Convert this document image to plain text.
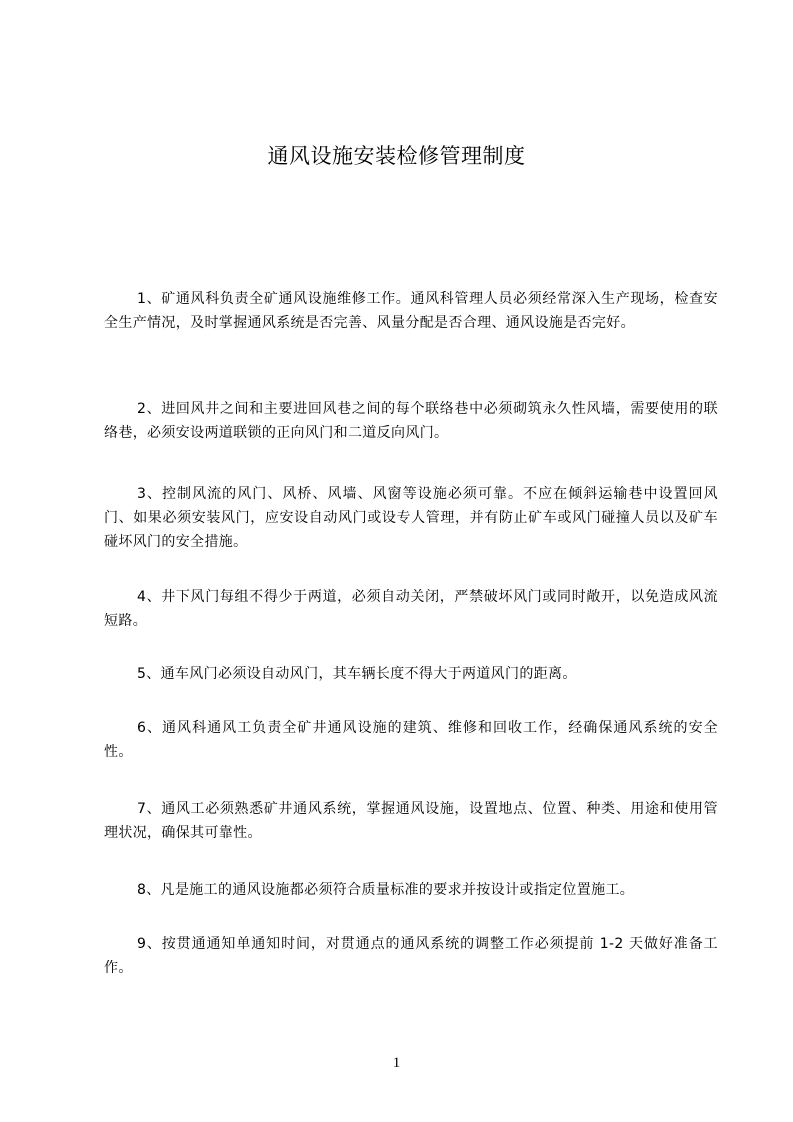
通风设施安装检修管理制度

1、矿通风科负责全矿通风设施维修工作。通风科管理人员必须经常深入生产现场，检查安全生产情况，及时掌握通风系统是否完善、风量分配是否合理、通风设施是否完好。

2、进回风井之间和主要进回风巷之间的每个联络巷中必须砌筑永久性风墙，需要使用的联络巷，必须安设两道联锁的正向风门和二道反向风门。

3、控制风流的风门、风桥、风墙、风窗等设施必须可靠。不应在倾斜运输巷中设置回风门、如果必须安装风门，应安设自动风门或设专人管理，并有防止矿车或风门碰撞人员以及矿车碰坏风门的安全措施。

4、井下风门每组不得少于两道，必须自动关闭，严禁破坏风门或同时敞开，以免造成风流短路。

5、通车风门必须设自动风门，其车辆长度不得大于两道风门的距离。

6、通风科通风工负责全矿井通风设施的建筑、维修和回收工作，经确保通风系统的安全性。

7、通风工必须熟悉矿井通风系统，掌握通风设施，设置地点、位置、种类、用途和使用管理状况，确保其可靠性。

8、凡是施工的通风设施都必须符合质量标准的要求并按设计或指定位置施工。

9、按贯通通知单通知时间，对贯通点的通风系统的调整工作必须提前 1-2 天做好准备工作。

1
